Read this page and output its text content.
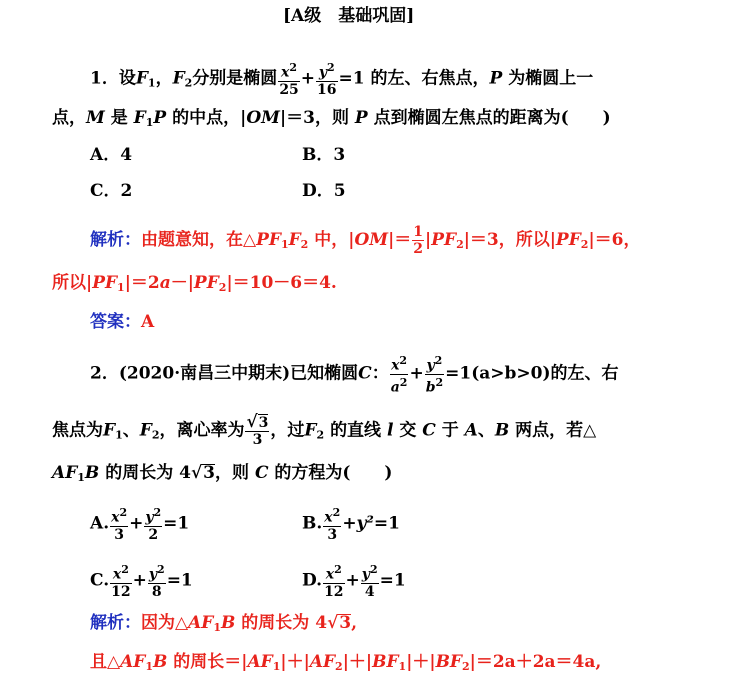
[A级　基础巩固]
1．设$F_1$，$F_2$分别是椭圆 $\frac{x^2}{25} + \frac{y^2}{16} =1$ 的左、右焦点，P 为椭圆上一
点，M 是 $F_1P$ 的中点，|OM|＝3，则 P 点到椭圆左焦点的距离为(　　)
A．4	B．3
C．2	D．5
解析：由题意知，在$\triangle PF_1F_2$ 中，$|OM|= \frac{1}{2} |PF_2|=3$，所以$|PF_2|=6$，
所以$|PF_1|=2a-|PF_2|=10-6=4$.
答案：A
2．(2020·南昌三中期末)已知椭圆C： $\frac{x^2}{a^2} + \frac{y^2}{b^2} =1(a>b>0)$的左、右
焦点为$F_1$、$F_2$，离心率为 $\frac{√3}{3}$ ，过$F_2$ 的直线 l 交 C 于 A、B 两点，若△
$AF_1B$ 的周长为 4√3，则 C 的方程为(　　)
A. $\frac{x^2}{3} + \frac{y^2}{2} =1$	B. $\frac{x^2}{3} +y^2=1$
C. $\frac{x^2}{12} + \frac{y^2}{8} =1$	D. $\frac{x^2}{12} + \frac{y^2}{4} =1$
解析：因为$\triangle AF_1B$ 的周长为 4√3,
且$\triangle AF_1B$ 的周长$=|AF_1|+|AF_2|+|BF_1|+|BF_2|=2a+2a=4a$,
